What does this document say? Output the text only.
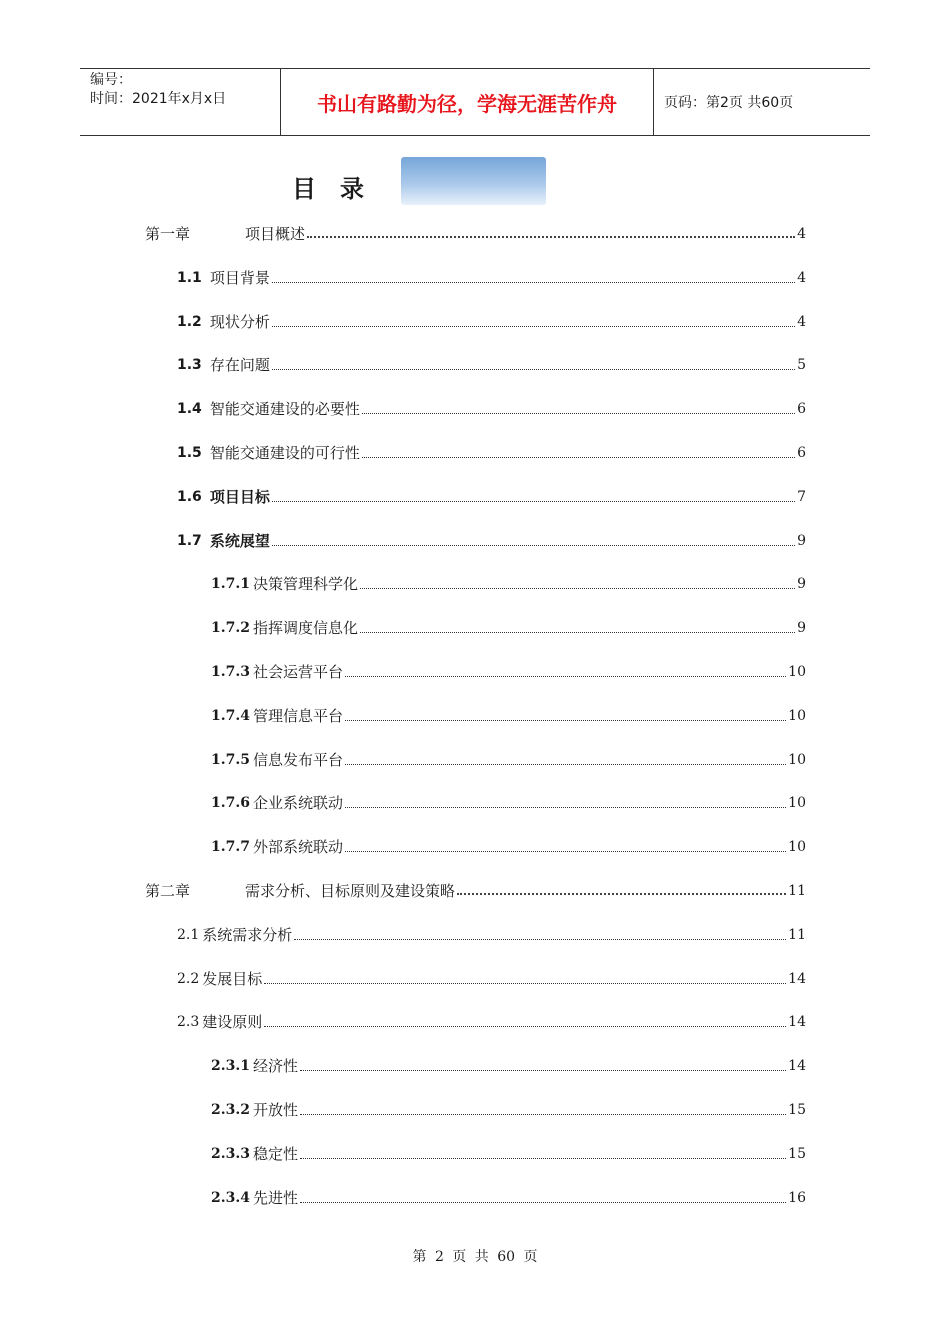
编号：
时间：2021年x月x日	书山有路勤为径，学海无涯苦作舟	页码：第2页 共60页
目录
第一章	项目概述	4
1.1 项目背景	4
1.2 现状分析	4
1.3 存在问题	5
1.4 智能交通建设的必要性	6
1.5 智能交通建设的可行性	6
1.6 项目目标	7
1.7 系统展望	9
1.7.1 决策管理科学化	9
1.7.2 指挥调度信息化	9
1.7.3 社会运营平台	10
1.7.4 管理信息平台	10
1.7.5 信息发布平台	10
1.7.6 企业系统联动	10
1.7.7 外部系统联动	10
第二章	需求分析、目标原则及建设策略	11
2.1 系统需求分析	11
2.2 发展目标	14
2.3 建设原则	14
2.3.1 经济性	14
2.3.2 开放性	15
2.3.3 稳定性	15
2.3.4 先进性	16
第 2 页 共 60 页
